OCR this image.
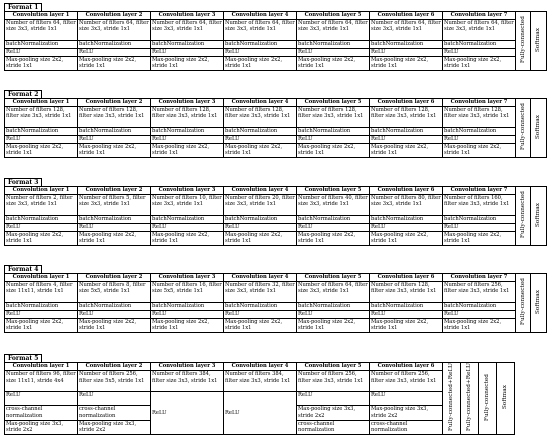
Format 1
Convolution layer 1	Convolution layer 2	Convolution layer 3	Convolution layer 4	Convolution layer 5	Convolution layer 6	Convolution layer 7	Fully-connected	Softmax
Number of filters 64, filter size 3x3, stride 1x1	Number of filters 64, filter size 3x3, stride 1x1	Number of filters 64, filter size 3x3, stride 1x1	Number of filters 64, filter size 3x3, stride 1x1	Number of filters 64, filter size 3x3, stride 1x1	Number of filters 64, filter size 3x3, stride 1x1	Number of filters 64, filter size 3x3, stride 1x1		
batchNormalization	batchNormalization	batchNormalization	batchNormalization	batchNormalization	batchNormalization	batchNormalization		
ReLU	ReLU	ReLU	ReLU	ReLU	ReLU	ReLU		
Max-pooling size 2x2, stride 1x1	Max-pooling size 2x2, stride 1x1	Max-pooling size 2x2, stride 1x1	Max-pooling size 2x2, stride 1x1	Max-pooling size 2x2, stride 1x1	Max-pooling size 2x2, stride 1x1	Max-pooling size 2x2, stride 1x1		
Format 2
Convolution layer 1	Convolution layer 2	Convolution layer 3	Convolution layer 4	Convolution layer 5	Convolution layer 6	Convolution layer 7	Fully-connected	Softmax
Number of filters 128, filter size 3x3, stride 1x1	Number of filters 128, filter size 3x3, stride 1x1	Number of filters 128, filter size 3x3, stride 1x1	Number of filters 128, filter size 3x3, stride 1x1	Number of filters 128, filter size 3x3, stride 1x1	Number of filters 128, filter size 3x3, stride 1x1	Number of filters 128, filter size 3x3, stride 1x1		
batchNormalization	batchNormalization	batchNormalization	batchNormalization	batchNormalization	batchNormalization	batchNormalization		
ReLU	ReLU	ReLU	ReLU	ReLU	ReLU	ReLU		
Max-pooling size 2x2, stride 1x1	Max-pooling size 2x2, stride 1x1	Max-pooling size 2x2, stride 1x1	Max-pooling size 2x2, stride 1x1	Max-pooling size 2x2, stride 1x1	Max-pooling size 2x2, stride 1x1	Max-pooling size 2x2, stride 1x1		
Format 3
Convolution layer 1	Convolution layer 2	Convolution layer 3	Convolution layer 4	Convolution layer 5	Convolution layer 6	Convolution layer 7	Fully-connected	Softmax
Number of filters 2, filter size 3x3, stride 1x1	Number of filters 5, filter size 3x3, stride 1x1	Number of filters 10, filter size 3x3, stride 1x1	Number of filters 20, filter size 3x3, stride 1x1	Number of filters 40, filter size 3x3, stride 1x1	Number of filters 80, filter size 3x3, stride 1x1	Number of filters 160, filter size 3x3, stride 1x1		
batchNormalization	batchNormalization	batchNormalization	batchNormalization	batchNormalization	batchNormalization	batchNormalization		
ReLU	ReLU	ReLU	ReLU	ReLU	ReLU	ReLU		
Max-pooling size 2x2, stride 1x1	Max-pooling size 2x2, stride 1x1	Max-pooling size 2x2, stride 1x1	Max-pooling size 2x2, stride 1x1	Max-pooling size 2x2, stride 1x1	Max-pooling size 2x2, stride 1x1	Max-pooling size 2x2, stride 1x1		
Format 4
Convolution layer 1	Convolution layer 2	Convolution layer 3	Convolution layer 4	Convolution layer 5	Convolution layer 6	Convolution layer 7	Fully-connected	Softmax
Number of filters 4, filter size 11x11, stride 1x1	Number of filters 8, filter size 5x5, stride 1x1	Number of filters 16, filter size 5x5, stride 1x1	Number of filters 32, filter size 3x3, stride 1x1	Number of filters 64, filter size 3x3, stride 1x1	Number of filters 128, filter size 3x3, stride 1x1	Number of filters 256, filter size 3x3, stride 1x1		
batchNormalization	batchNormalization	batchNormalization	batchNormalization	batchNormalization	batchNormalization	batchNormalization		
ReLU	ReLU	ReLU	ReLU	ReLU	ReLU	ReLU		
Max-pooling size 2x2, stride 1x1	Max-pooling size 2x2, stride 1x1	Max-pooling size 2x2, stride 1x1	Max-pooling size 2x2, stride 1x1	Max-pooling size 2x2, stride 1x1	Max-pooling size 2x2, stride 1x1	Max-pooling size 2x2, stride 1x1		
Format 5
Convolution layer 1	Convolution layer 2	Convolution layer 3	Convolution layer 4	Convolution layer 5	Convolution layer 6	Fully-connected+ReLU	Fully-connected+ReLU	Fully-connected	Softmax
Number of filters 96, filter size 11x11, stride 4x4	Number of filters 256, filter size 5x5, stride 1x1	Number of filters 384, filter size 3x3, stride 1x1	Number of filters 384, filter size 3x3, stride 1x1	Number of filters 256, filter size 3x3, stride 1x1	Number of filters 256, filter size 3x3, stride 1x1				
ReLU	ReLU	ReLU	ReLU	ReLU	ReLU				
cross-channel normalization	cross-channel normalization			Max-pooling size 3x3, stride 2x2	Max-pooling size 3x3, stride 2x2				
Max-pooling size 3x3, stride 2x2	Max-pooling size 3x3, stride 2x2			cross-channel normalization	cross-channel normalization				
